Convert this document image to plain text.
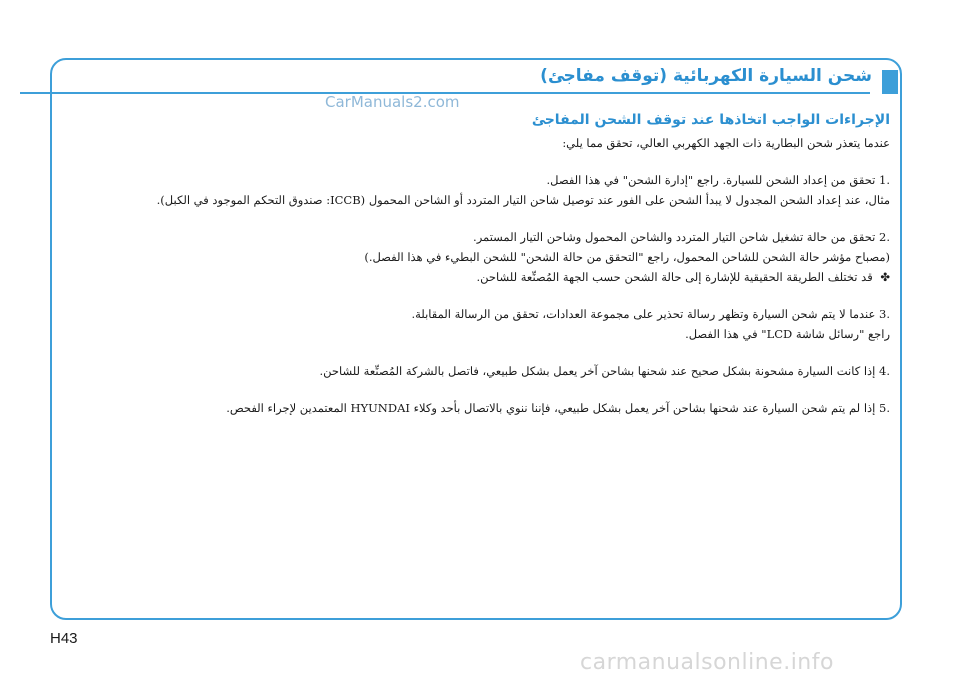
شحن السيارة الكهربائية (توقف مفاجئ)
CarManuals2.com
الإجراءات الواجب اتخاذها عند توقف الشحن المفاجئ

عندما يتعذر شحن البطارية ذات الجهد الكهربي العالي، تحقق مما يلي:

.1 تحقق من إعداد الشحن للسيارة. راجع "إدارة الشحن" في هذا الفصل.
مثال، عند إعداد الشحن المجدول لا يبدأ الشحن على الفور عند توصيل شاحن التيار المتردد أو الشاحن المحمول (ICCB: صندوق التحكم الموجود في الكبل).
.2 تحقق من حالة تشغيل شاحن التيار المتردد والشاحن المحمول وشاحن التيار المستمر.
(مصباح مؤشر حالة الشحن للشاحن المحمول، راجع "التحقق من حالة الشحن" للشحن البطيء في هذا الفصل.)
✤ قد تختلف الطريقة الحقيقية للإشارة إلى حالة الشحن حسب الجهة المُصنِّعة للشاحن.
.3 عندما لا يتم شحن السيارة وتظهر رسالة تحذير على مجموعة العدادات، تحقق من الرسالة المقابلة.
راجع "رسائل شاشة LCD" في هذا الفصل.
.4 إذا كانت السيارة مشحونة بشكل صحيح عند شحنها بشاحن آخر يعمل بشكل طبيعي، فاتصل بالشركة المُصنِّعة للشاحن.
.5 إذا لم يتم شحن السيارة عند شحنها بشاحن آخر يعمل بشكل طبيعي، فإننا ننوي بالاتصال بأحد وكلاء HYUNDAI المعتمدين لإجراء الفحص.
H43
carmanualsonline.info
